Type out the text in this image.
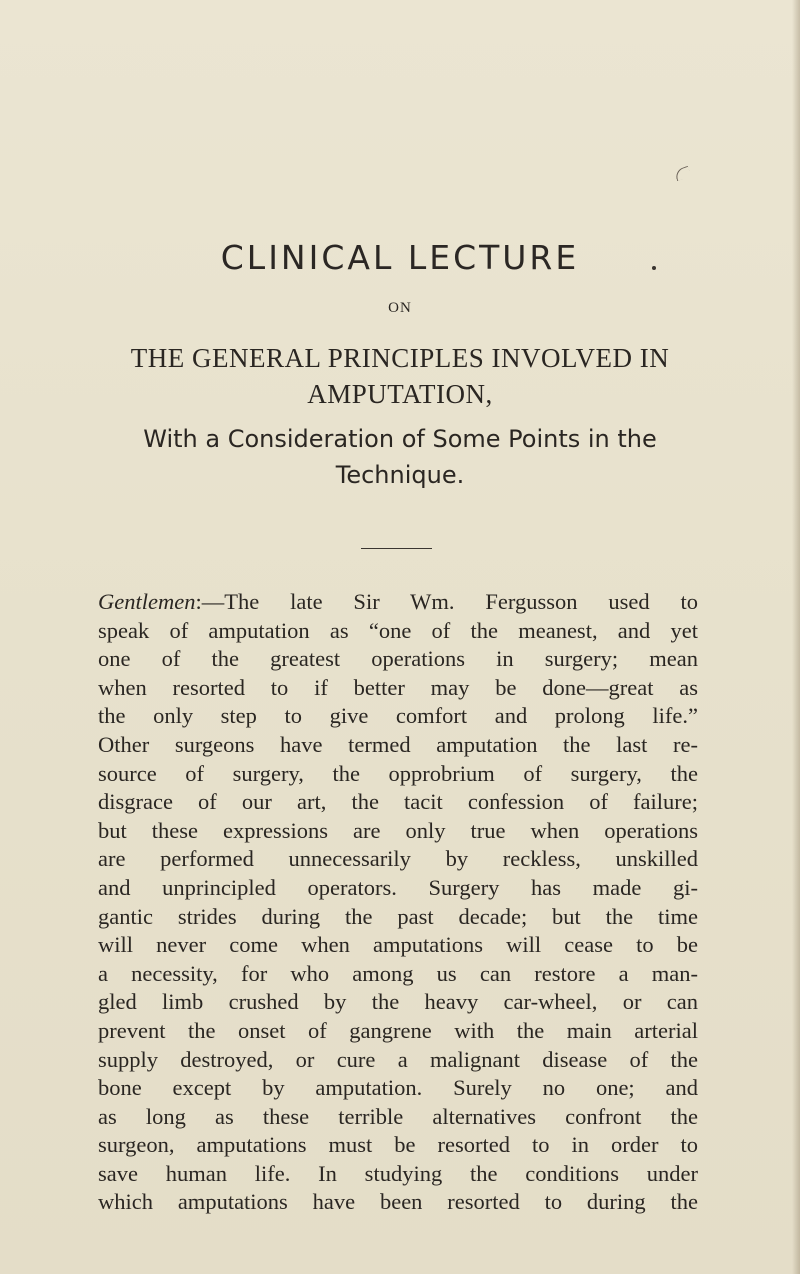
CLINICAL LECTURE
ON
THE GENERAL PRINCIPLES INVOLVED IN
AMPUTATION,
With a Consideration of Some Points in the
Technique.
Gentlemen:—The late Sir Wm. Fergusson used to
speak of amputation as “one of the meanest, and yet
one of the greatest operations in surgery; mean
when resorted to if better may be done—great as
the only step to give comfort and prolong life.”
Other surgeons have termed amputation the last re-
source of surgery, the opprobrium of surgery, the
disgrace of our art, the tacit confession of failure;
but these expressions are only true when operations
are performed unnecessarily by reckless, unskilled
and unprincipled operators. Surgery has made gi-
gantic strides during the past decade; but the time
will never come when amputations will cease to be
a necessity, for who among us can restore a man-
gled limb crushed by the heavy car-wheel, or can
prevent the onset of gangrene with the main arterial
supply destroyed, or cure a malignant disease of the
bone except by amputation. Surely no one; and
as long as these terrible alternatives confront the
surgeon, amputations must be resorted to in order to
save human life. In studying the conditions under
which amputations have been resorted to during the
